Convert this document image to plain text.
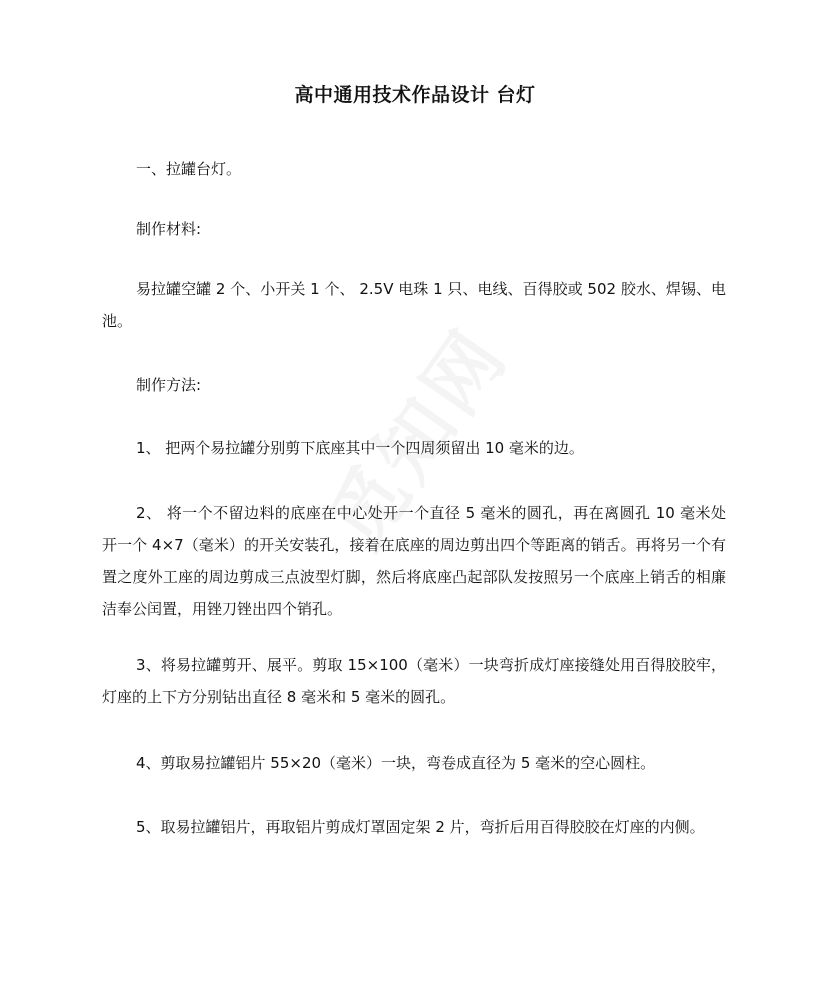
高中通用技术作品设计 台灯
一、拉罐台灯。
制作材料:
易拉罐空罐 2 个、小开关 1 个、 2.5V 电珠 1 只、电线、百得胶或 502 胶水、焊锡、电池。
制作方法:
1、 把两个易拉罐分别剪下底座其中一个四周须留出 10 毫米的边。
2、 将一个不留边料的底座在中心处开一个直径 5 毫米的圆孔，再在离圆孔 10 毫米处 开一个 4×7（毫米）的开关安装孔，接着在底座的周边剪出四个等距离的销舌。再将另一个有置之度外工座的周边剪成三点波型灯脚，然后将底座凸起部队发按照另一个底座上销舌的相廉洁奉公闰置，用锉刀锉出四个销孔。
3、将易拉罐剪开、展平。剪取 15×100（毫米）一块弯折成灯座接缝处用百得胶胶牢，灯座的上下方分别钻出直径 8 毫米和 5 毫米的圆孔。
4、剪取易拉罐铝片 55×20（毫米）一块，弯卷成直径为 5 毫米的空心圆柱。
5、取易拉罐铝片，再取铝片剪成灯罩固定架 2 片，弯折后用百得胶胶在灯座的内侧。
